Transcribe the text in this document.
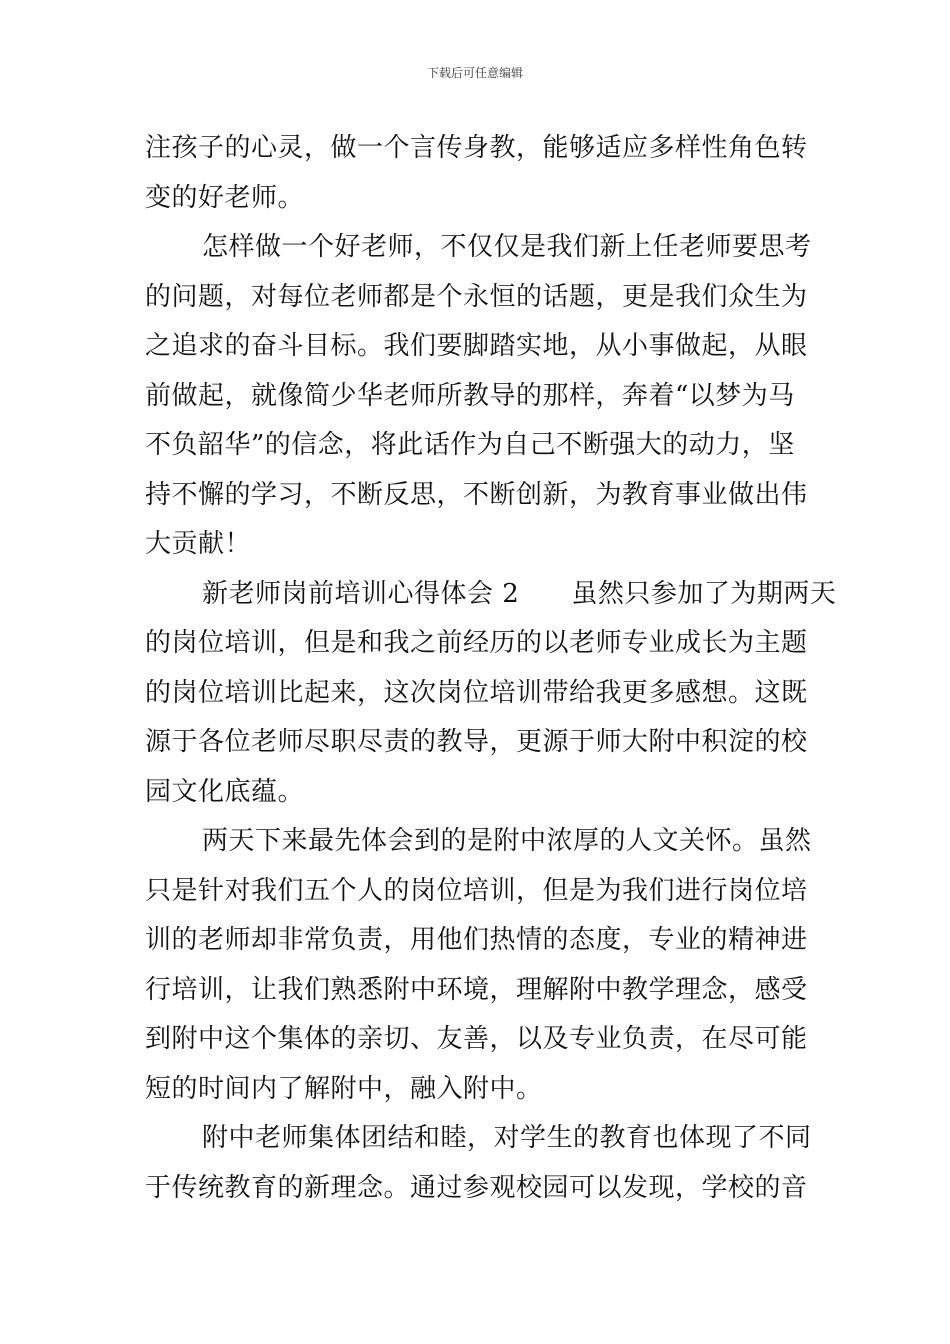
下载后可任意编辑
注孩子的心灵，做一个言传身教，能够适应多样性角色转
变的好老师。
怎样做一个好老师，不仅仅是我们新上任老师要思考
的问题，对每位老师都是个永恒的话题，更是我们众生为
之追求的奋斗目标。我们要脚踏实地，从小事做起，从眼
前做起，就像简少华老师所教导的那样，奔着“以梦为马
不负韶华”的信念，将此话作为自己不断强大的动力，坚
持不懈的学习，不断反思，不断创新，为教育事业做出伟
大贡献！
新老师岗前培训心得体会 2 虽然只参加了为期两天
的岗位培训，但是和我之前经历的以老师专业成长为主题
的岗位培训比起来，这次岗位培训带给我更多感想。这既
源于各位老师尽职尽责的教导，更源于师大附中积淀的校
园文化底蕴。
两天下来最先体会到的是附中浓厚的人文关怀。虽然
只是针对我们五个人的岗位培训，但是为我们进行岗位培
训的老师却非常负责，用他们热情的态度，专业的精神进
行培训，让我们熟悉附中环境，理解附中教学理念，感受
到附中这个集体的亲切、友善，以及专业负责，在尽可能
短的时间内了解附中，融入附中。
附中老师集体团结和睦，对学生的教育也体现了不同
于传统教育的新理念。通过参观校园可以发现，学校的音
